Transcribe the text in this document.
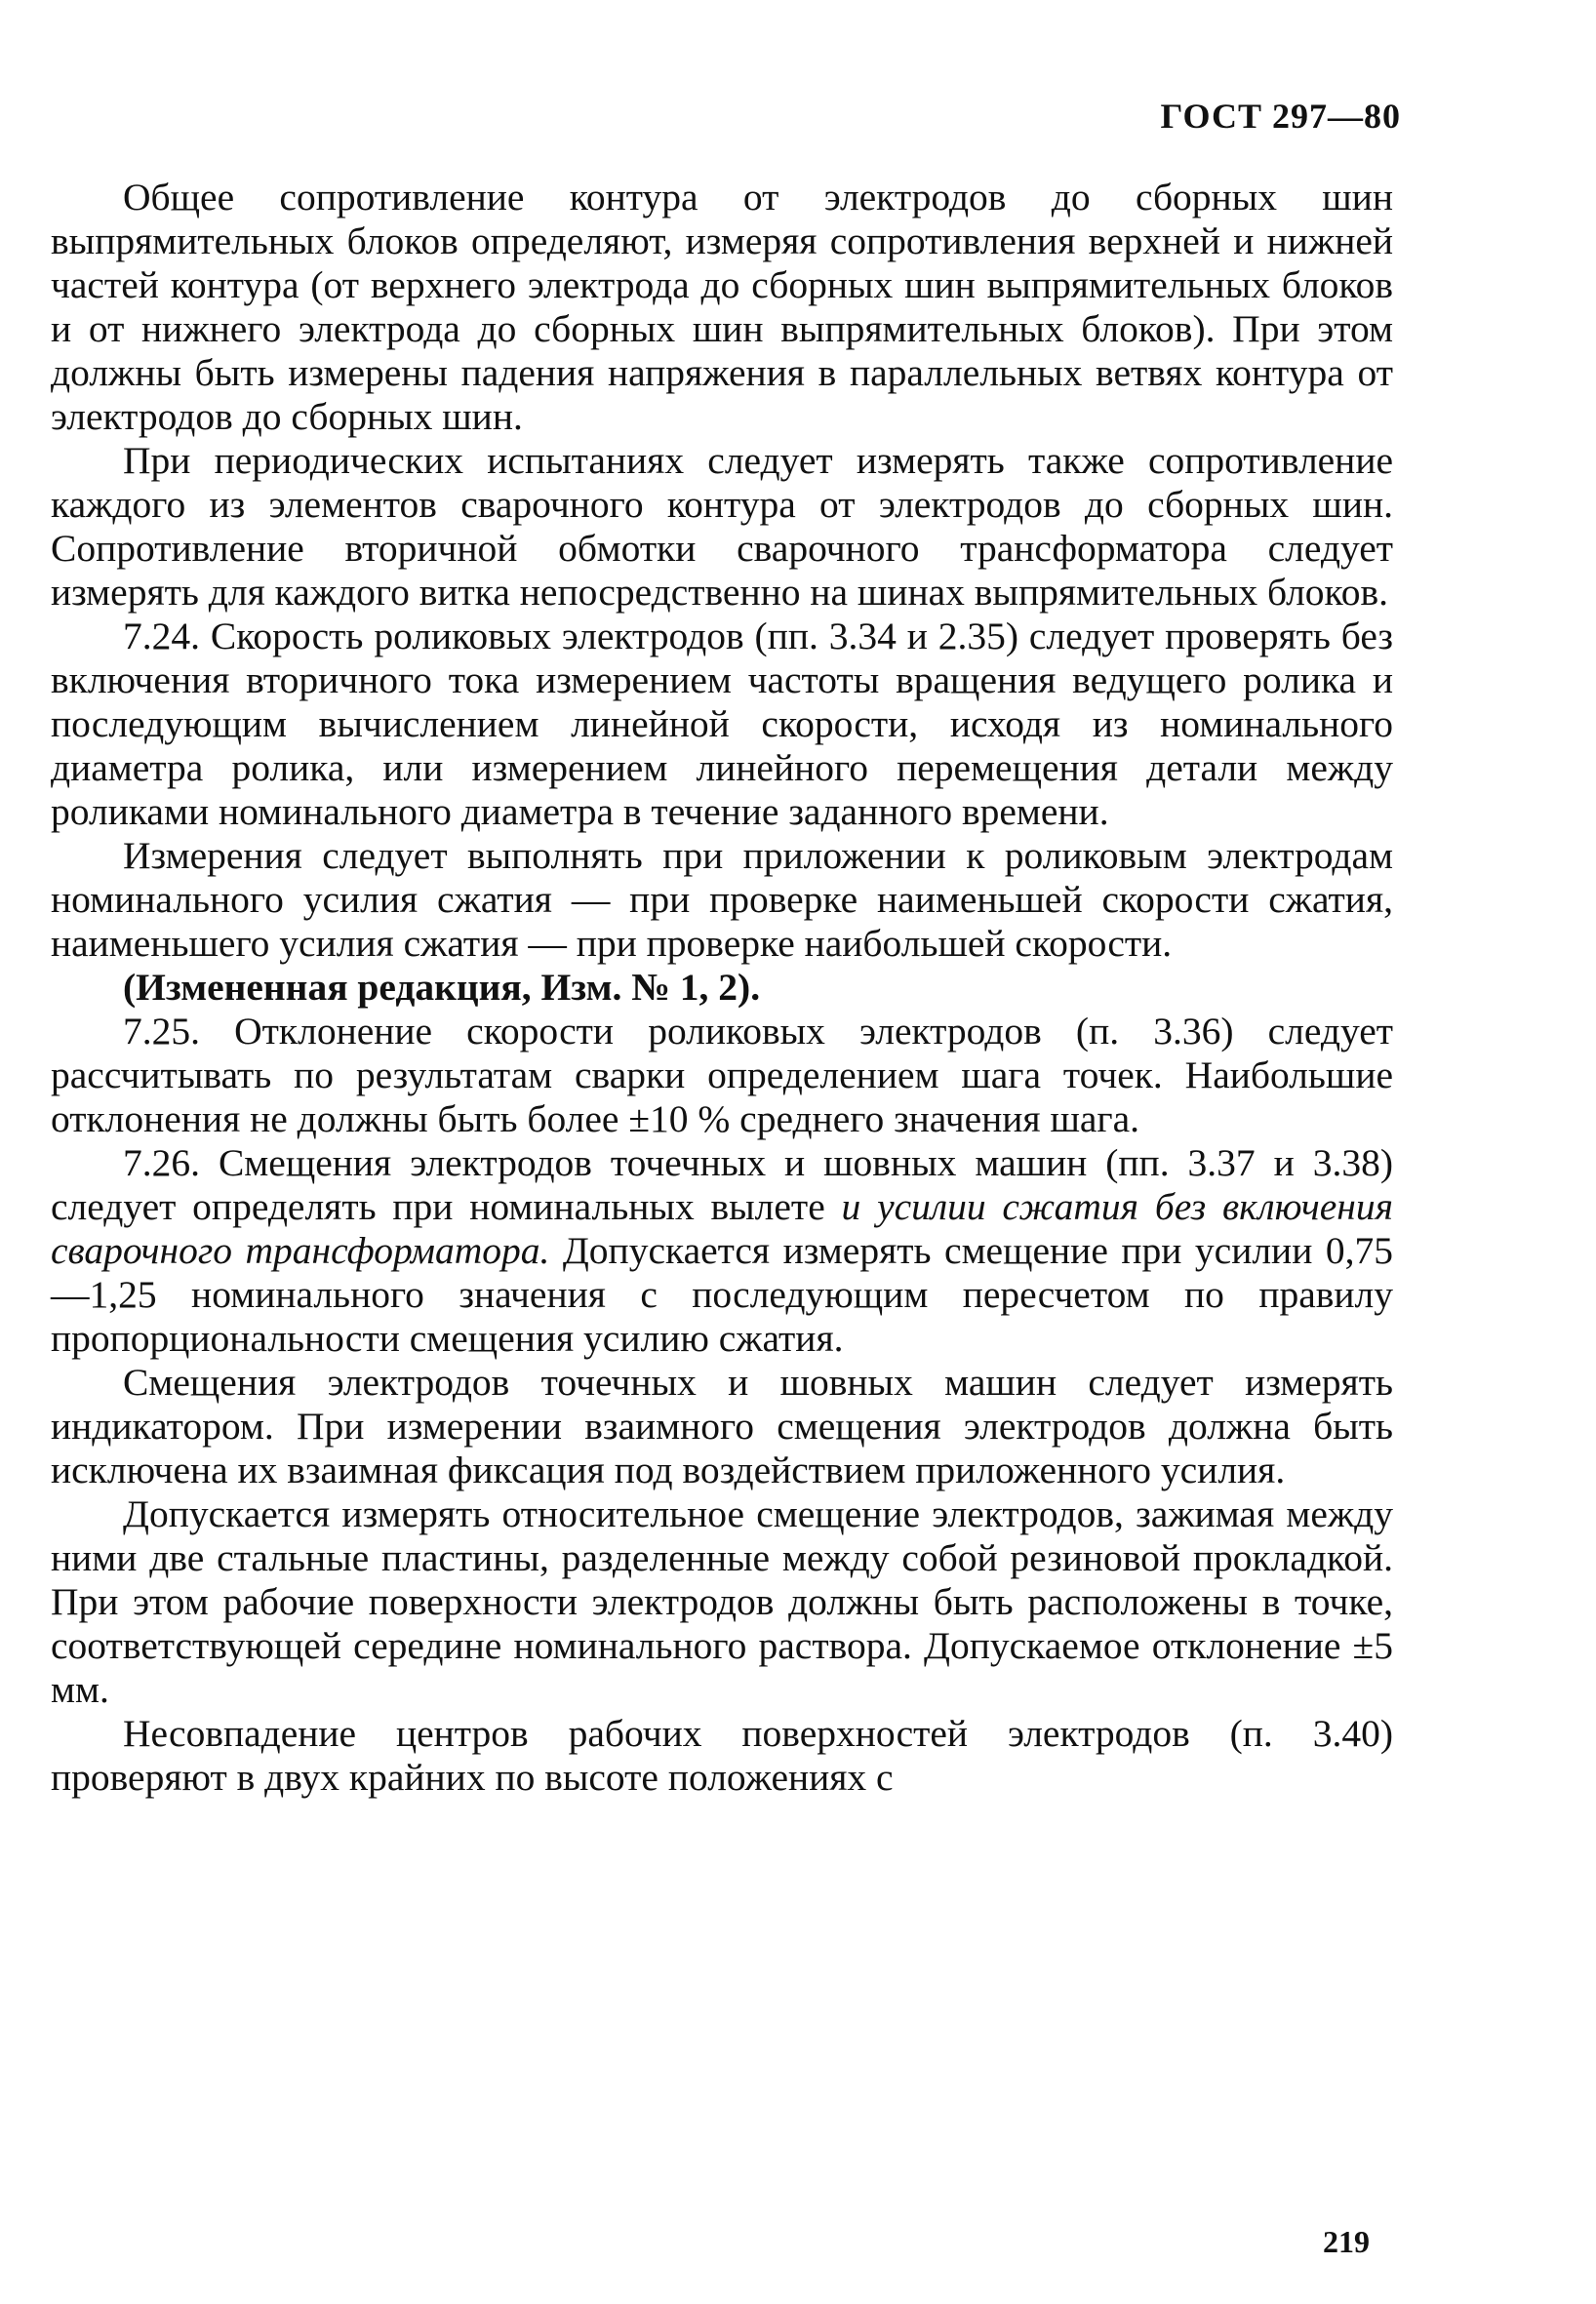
ГОСТ 297—80

Общее сопротивление контура от электродов до сборных шин выпрямительных блоков определяют, измеряя сопротивления верхней и нижней частей контура (от верхнего электрода до сборных шин выпрямительных блоков и от нижнего электрода до сборных шин выпрямительных блоков). При этом должны быть измерены падения напряжения в параллельных ветвях контура от электродов до сборных шин.

При периодических испытаниях следует измерять также сопротивление каждого из элементов сварочного контура от электродов до сборных шин. Сопротивление вторичной обмотки сварочного трансформатора следует измерять для каждого витка непосредственно на шинах выпрямительных блоков.

7.24. Скорость роликовых электродов (пп. 3.34 и 2.35) следует проверять без включения вторичного тока измерением частоты вращения ведущего ролика и последующим вычислением линейной скорости, исходя из номинального диаметра ролика, или измерением линейного перемещения детали между роликами номинального диаметра в течение заданного времени.

Измерения следует выполнять при приложении к роликовым электродам номинального усилия сжатия — при проверке наименьшей скорости сжатия, наименьшего усилия сжатия — при проверке наибольшей скорости.

(Измененная редакция, Изм. № 1, 2).

7.25. Отклонение скорости роликовых электродов (п. 3.36) следует рассчитывать по результатам сварки определением шага точек. Наибольшие отклонения не должны быть более ±10 % среднего значения шага.

7.26. Смещения электродов точечных и шовных машин (пп. 3.37 и 3.38) следует определять при номинальных вылете и усилии сжатия без включения сварочного трансформатора. Допускается измерять смещение при усилии 0,75—1,25 номинального значения с последующим пересчетом по правилу пропорциональности смещения усилию сжатия.

Смещения электродов точечных и шовных машин следует измерять индикатором. При измерении взаимного смещения электродов должна быть исключена их взаимная фиксация под воздействием приложенного усилия.

Допускается измерять относительное смещение электродов, зажимая между ними две стальные пластины, разделенные между собой резиновой прокладкой. При этом рабочие поверхности электродов должны быть расположены в точке, соответствующей середине номинального раствора. Допускаемое отклонение ±5 мм.

Несовпадение центров рабочих поверхностей электродов (п. 3.40) проверяют в двух крайних по высоте положениях с

219
